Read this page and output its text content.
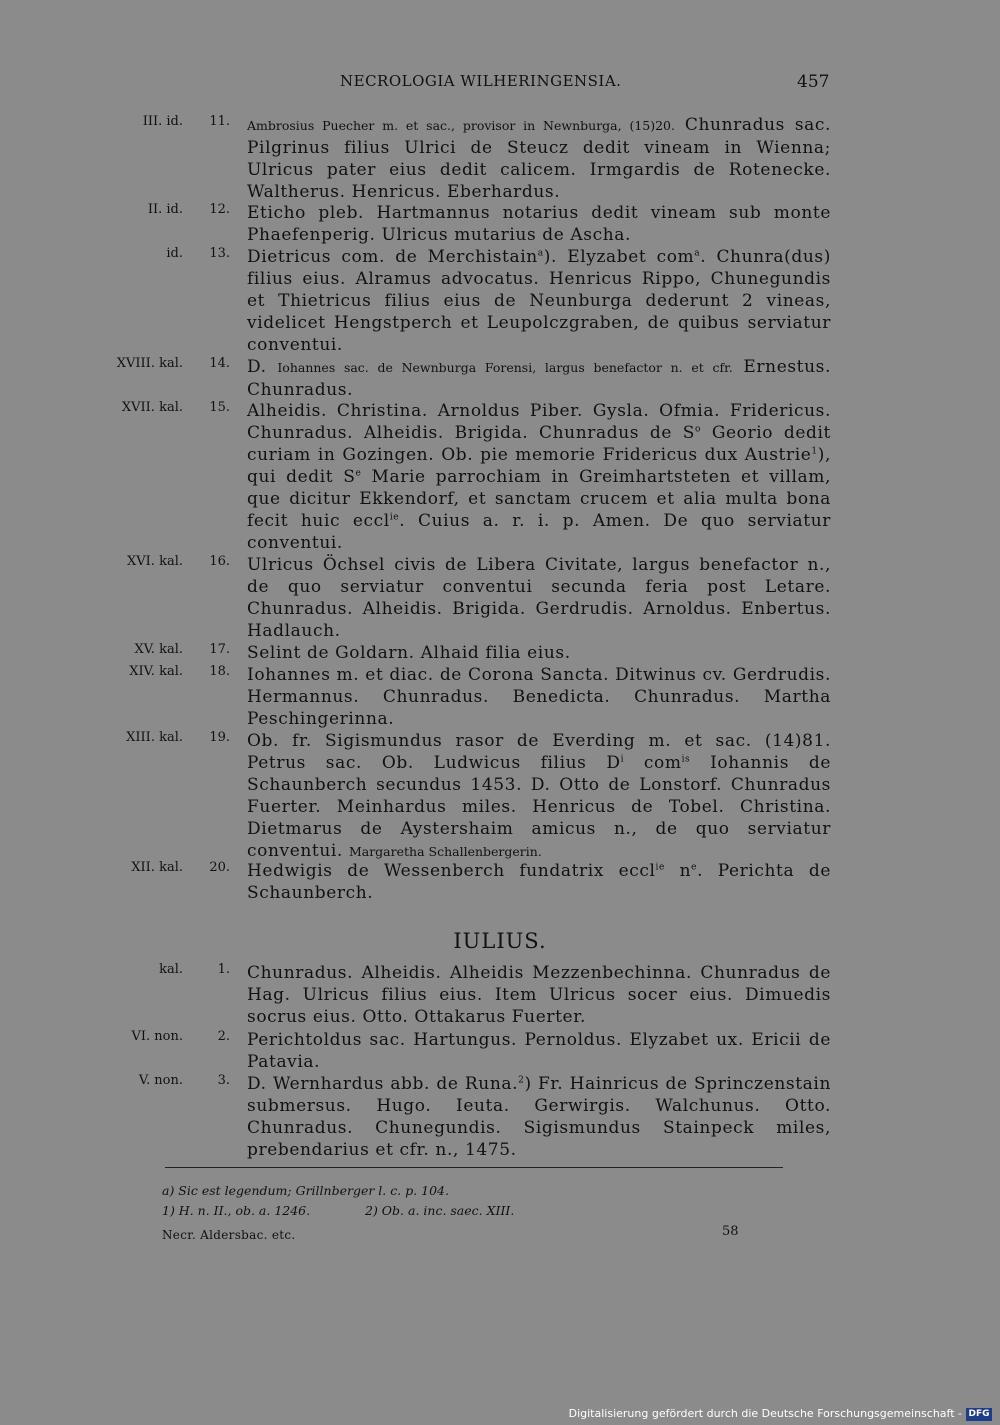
NECROLOGIA WILHERINGENSIA.	457
III. id. 11. Ambrosius Puecher m. et sac., provisor in Newnburga, (15)20. Chunradus sac. Pilgrinus filius Ulrici de Steucz dedit vineam in Wienna; Ulricus pater eius dedit calicem. Irmgardis de Rotenecke. Waltherus. Henricus. Eberhardus.
II. id. 12. Eticho pleb. Hartmannus notarius dedit vineam sub monte Phaefenperig. Ulricus mutarius de Ascha.
id. 13. Dietricus com. de Merchistain$^a$). Elyzabet com$^a$. Chunra(dus) filius eius. Alramus advocatus. Henricus Rippo, Chunegundis et Thietricus filius eius de Neunburga dederunt 2 vineas, videlicet Hengstperch et Leupolczgraben, de quibus serviatur conventui.
XVIII. kal. 14. D. Iohannes sac. de Newnburga Forensi, largus benefactor n. et cfr. Ernestus. Chunradus.
XVII. kal. 15. Alheidis. Christina. Arnoldus Piber. Gysla. Ofmia. Fridericus. Chunradus. Alheidis. Brigida. Chunradus de $S^o$ Georio dedit curiam in Gozingen. Ob. pie memorie Fridericus dux Austrie$^1$), qui dedit $S^e$ Marie parrochiam in Greimhartsteten et villam, que dicitur Ekkendorf, et sanctam crucem et alia multa bona fecit huic eccl$^{ie}$. Cuius a. r. i. p. Amen. De quo serviatur conventui.
XVI. kal. 16. Ulricus Öchsel civis de Libera Civitate, largus benefactor n., de quo serviatur conventui secunda feria post Letare. Chunradus. Alheidis. Brigida. Gerdrudis. Arnoldus. Enbertus. Hadlauch.
XV. kal. 17. Selint de Goldarn. Alhaid filia eius.
XIV. kal. 18. Iohannes m. et diac. de Corona Sancta. Ditwinus cv. Gerdrudis. Hermannus. Chunradus. Benedicta. Chunradus. Martha Peschingerinna.
XIII. kal. 19. Ob. fr. Sigismundus rasor de Everding m. et sac. (14)81. Petrus sac. Ob. Ludwicus filius $D^i$ com$^{is}$ Iohannis de Schaunberch secundus 1453. D. Otto de Lonstorf. Chunradus Fuerter. Meinhardus miles. Henricus de Tobel. Christina. Dietmarus de Aystershaim amicus n., de quo serviatur conventui. Margaretha Schallenbergerin.
XII. kal. 20. Hedwigis de Wessenberch fundatrix eccl$^{ie}$ $n^e$. Perichta de Schaunberch.
IULIUS.
kal.	1. Chunradus. Alheidis. Alheidis Mezzenbechinna. Chunradus de Hag. Ulricus filius eius. Item Ulricus socer eius. Dimuedis socrus eius. Otto. Ottakarus Fuerter.
VI. non.	2. Perichtoldus sac. Hartungus. Pernoldus. Elyzabet ux. Ericii de Patavia.
V. non.	3. D. Wernhardus abb. de Runa.$^2$) Fr. Hainricus de Sprinczenstain submersus. Hugo. Ieuta. Gerwirgis. Walchunus. Otto. Chunradus. Chunegundis. Sigismundus Stainpeck miles, prebendarius et cfr. n., 1475.
a) Sic est legendum; Grillnberger l. c. p. 104.
1) H. n. II., ob. a. 1246.	2) Ob. a. inc. saec. XIII.
Necr. Aldersbac. etc.	58
Digitalisierung gefördert durch die Deutsche Forschungsgemeinschaft - DFG
